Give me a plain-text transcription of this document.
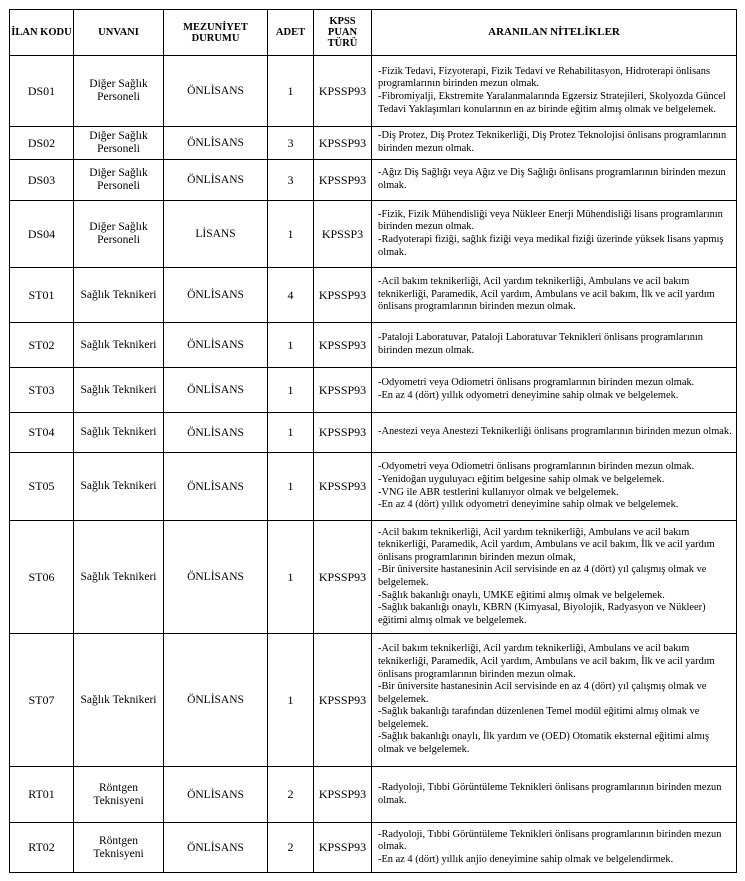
İLAN KODU	UNVANI	MEZUNİYET DURUMU	ADET	KPSS PUAN TÜRÜ	ARANILAN NİTELİKLER
DS01	Diğer Sağlık Personeli	ÖNLİSANS	1	KPSSP93	-Fizik Tedavi, Fizyoterapi, Fizik Tedavi ve Rehabilitasyon, Hidroterapi önlisans programlarının birinden mezun olmak.
-Fibromiyalji, Ekstremite Yaralanmalarında Egzersiz Stratejileri, Skolyozda Güncel Tedavi Yaklaşımları konularının en az birinde eğitim almış olmak ve belgelemek.

DS02	Diğer Sağlık Personeli	ÖNLİSANS	3	KPSSP93	-Diş Protez, Diş Protez Teknikerliği, Diş Protez Teknolojisi önlisans programlarının birinden mezun olmak.

DS03	Diğer Sağlık Personeli	ÖNLİSANS	3	KPSSP93	-Ağız Diş Sağlığı veya Ağız ve Diş Sağlığı önlisans programlarının birinden mezun olmak.

DS04	Diğer Sağlık Personeli	LİSANS	1	KPSSP3	-Fizik, Fizik Mühendisliği veya Nükleer Enerji Mühendisliği lisans programlarının birinden mezun olmak.
-Radyoterapi fiziği, sağlık fiziği veya medikal fiziği üzerinde yüksek lisans yapmış olmak.

ST01	Sağlık Teknikeri	ÖNLİSANS	4	KPSSP93	-Acil bakım teknikerliği, Acil yardım teknikerliği, Ambulans ve acil bakım teknikerliği, Paramedik, Acil yardım, Ambulans ve acil bakım, İlk ve acil yardım önlisans programlarının birinden mezun olmak.

ST02	Sağlık Teknikeri	ÖNLİSANS	1	KPSSP93	-Pataloji Laboratuvar, Pataloji Laboratuvar Teknikleri önlisans programlarının birinden mezun olmak.

ST03	Sağlık Teknikeri	ÖNLİSANS	1	KPSSP93	-Odyometri veya Odiometri önlisans programlarının birinden mezun olmak.
-En az 4 (dört) yıllık odyometri deneyimine sahip olmak ve belgelemek.

ST04	Sağlık Teknikeri	ÖNLİSANS	1	KPSSP93	-Anestezi veya Anestezi Teknikerliği önlisans programlarının birinden mezun olmak.

ST05	Sağlık Teknikeri	ÖNLİSANS	1	KPSSP93	-Odyometri veya Odiometri önlisans programlarının birinden mezun olmak.
-Yenidoğan uyguluyacı eğitim belgesine sahip olmak ve belgelemek.
-VNG ile ABR testlerini kullanıyor olmak ve belgelemek.
-En az 4 (dört) yıllık odyometri deneyimine sahip olmak ve belgelemek.

ST06	Sağlık Teknikeri	ÖNLİSANS	1	KPSSP93	-Acil bakım teknikerliği, Acil yardım teknikerliği, Ambulans ve acil bakım teknikerliği, Paramedik, Acil yardım, Ambulans ve acil bakım, İlk ve acil yardım önlisans programlarının birinden mezun olmak,
-Bir üniversite hastanesinin Acil servisinde en az 4 (dört) yıl çalışmış olmak ve belgelemek.
-Sağlık bakanlığı onaylı, UMKE eğitimi almış olmak ve belgelemek.
-Sağlık bakanlığı onaylı, KBRN (Kimyasal, Biyolojik, Radyasyon ve Nükleer) eğitimi almış olmak ve belgelemek.

ST07	Sağlık Teknikeri	ÖNLİSANS	1	KPSSP93	-Acil bakım teknikerliği, Acil yardım teknikerliği, Ambulans ve acil bakım teknikerliği, Paramedik, Acil yardım, Ambulans ve acil bakım, İlk ve acil yardım önlisans programlarının birinden mezun olmak.
-Bir üniversite hastanesinin Acil servisinde en az 4 (dört) yıl çalışmış olmak ve belgelemek.
-Sağlık bakanlığı tarafından düzenlenen Temel modül eğitimi almış olmak ve belgelemek.
-Sağlık bakanlığı onaylı, İlk yardım ve (OED) Otomatik eksternal eğitimi almış olmak ve belgelemek.

RT01	Röntgen Teknisyeni	ÖNLİSANS	2	KPSSP93	-Radyoloji, Tıbbi Görüntüleme Teknikleri önlisans programlarının birinden mezun olmak.

RT02	Röntgen Teknisyeni	ÖNLİSANS	2	KPSSP93	-Radyoloji, Tıbbi Görüntüleme Teknikleri önlisans programlarının birinden mezun olmak.
-En az 4 (dört) yıllık anjio deneyimine sahip olmak ve belgelendirmek.
